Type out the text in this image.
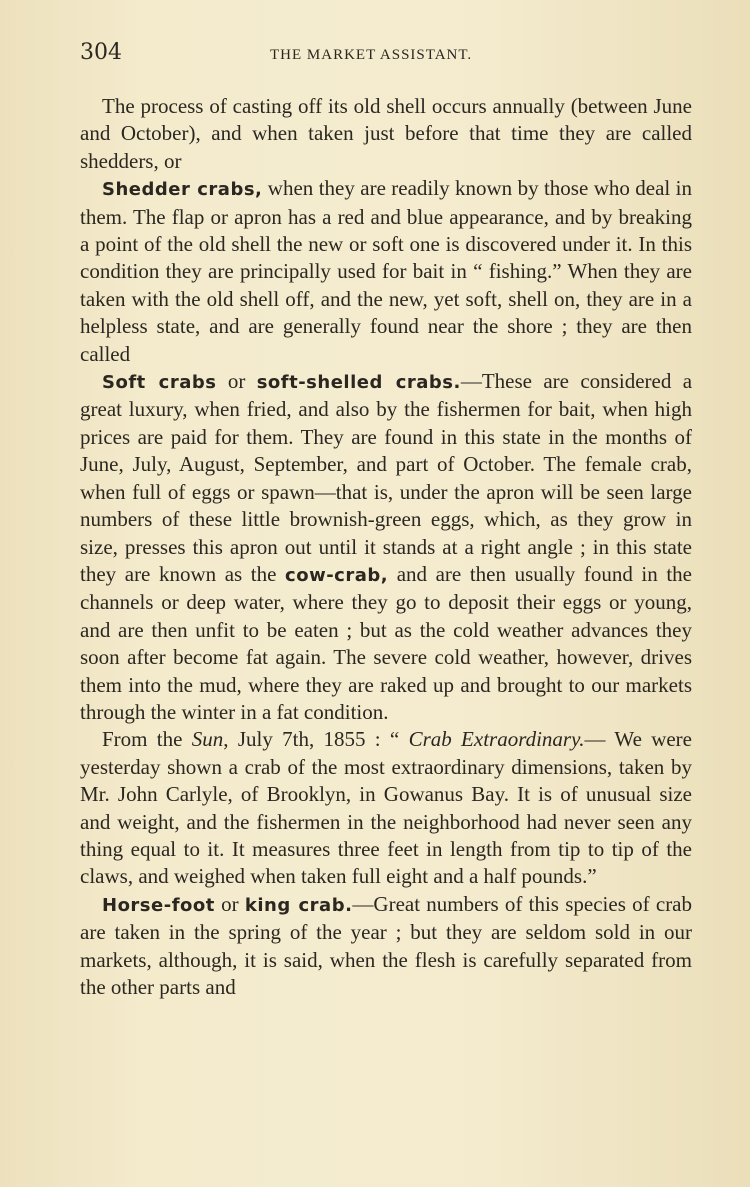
304	THE MARKET ASSISTANT.

The process of casting off its old shell occurs annually (between June and October), and when taken just before that time they are called shedders, or

Shedder crabs, when they are readily known by those who deal in them. The flap or apron has a red and blue appearance, and by breaking a point of the old shell the new or soft one is discovered under it. In this condition they are principally used for bait in “ fishing.” When they are taken with the old shell off, and the new, yet soft, shell on, they are in a helpless state, and are generally found near the shore ; they are then called

Soft crabs or soft-shelled crabs.—These are considered a great luxury, when fried, and also by the fishermen for bait, when high prices are paid for them. They are found in this state in the months of June, July, August, September, and part of October. The female crab, when full of eggs or spawn—that is, under the apron will be seen large numbers of these little brownish-green eggs, which, as they grow in size, presses this apron out until it stands at a right angle ; in this state they are known as the cow-crab, and are then usually found in the channels or deep water, where they go to deposit their eggs or young, and are then unfit to be eaten ; but as the cold weather advances they soon after become fat again. The severe cold weather, however, drives them into the mud, where they are raked up and brought to our markets through the winter in a fat condition.

From the Sun, July 7th, 1855 : “ Crab Extraordinary.— We were yesterday shown a crab of the most extraordinary dimensions, taken by Mr. John Carlyle, of Brooklyn, in Gowanus Bay. It is of unusual size and weight, and the fishermen in the neighborhood had never seen any thing equal to it. It measures three feet in length from tip to tip of the claws, and weighed when taken full eight and a half pounds.”

Horse-foot or king crab.—Great numbers of this species of crab are taken in the spring of the year ; but they are seldom sold in our markets, although, it is said, when the flesh is carefully separated from the other parts and
